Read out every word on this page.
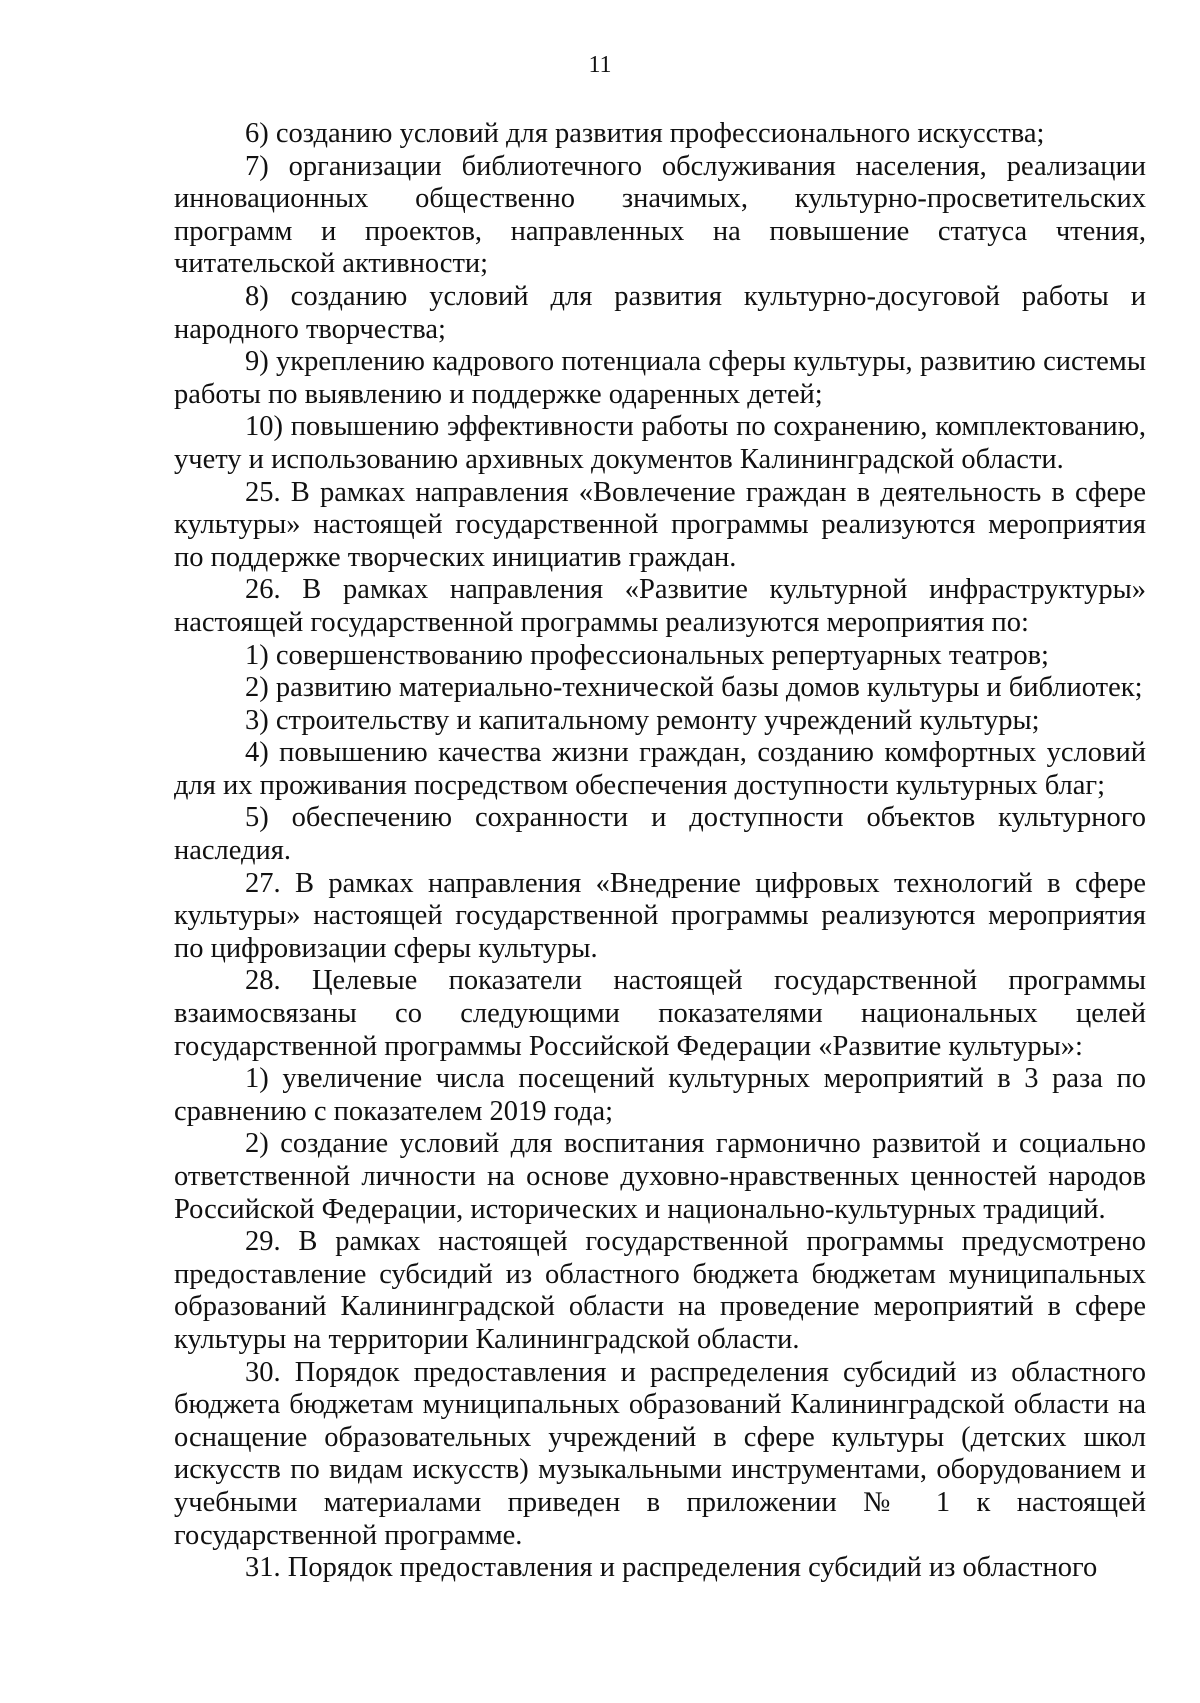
11

6) созданию условий для развития профессионального искусства;

7) организации библиотечного обслуживания населения, реализации инновационных общественно значимых, культурно-просветительских программ и проектов, направленных на повышение статуса чтения, читательской активности;

8) созданию условий для развития культурно-досуговой работы и народного творчества;

9) укреплению кадрового потенциала сферы культуры, развитию системы работы по выявлению и поддержке одаренных детей;

10) повышению эффективности работы по сохранению, комплектованию, учету и использованию архивных документов Калининградской области.

25. В рамках направления «Вовлечение граждан в деятельность в сфере культуры» настоящей государственной программы реализуются мероприятия по поддержке творческих инициатив граждан.

26. В рамках направления «Развитие культурной инфраструктуры» настоящей государственной программы реализуются мероприятия по:

1) совершенствованию профессиональных репертуарных театров;

2) развитию материально-технической базы домов культуры и библиотек;

3) строительству и капитальному ремонту учреждений культуры;

4) повышению качества жизни граждан, созданию комфортных условий для их проживания посредством обеспечения доступности культурных благ;

5) обеспечению сохранности и доступности объектов культурного наследия.

27. В рамках направления «Внедрение цифровых технологий в сфере культуры» настоящей государственной программы реализуются мероприятия по цифровизации сферы культуры.

28. Целевые показатели настоящей государственной программы взаимосвязаны со следующими показателями национальных целей государственной программы Российской Федерации «Развитие культуры»:

1) увеличение числа посещений культурных мероприятий в 3 раза по сравнению с показателем 2019 года;

2) создание условий для воспитания гармонично развитой и социально ответственной личности на основе духовно-нравственных ценностей народов Российской Федерации, исторических и национально-культурных традиций.

29. В рамках настоящей государственной программы предусмотрено предоставление субсидий из областного бюджета бюджетам муниципальных образований Калининградской области на проведение мероприятий в сфере культуры на территории Калининградской области.

30. Порядок предоставления и распределения субсидий из областного бюджета бюджетам муниципальных образований Калининградской области на оснащение образовательных учреждений в сфере культуры (детских школ искусств по видам искусств) музыкальными инструментами, оборудованием и учебными материалами приведен в приложении № 1 к настоящей государственной программе.

31. Порядок предоставления и распределения субсидий из областного
